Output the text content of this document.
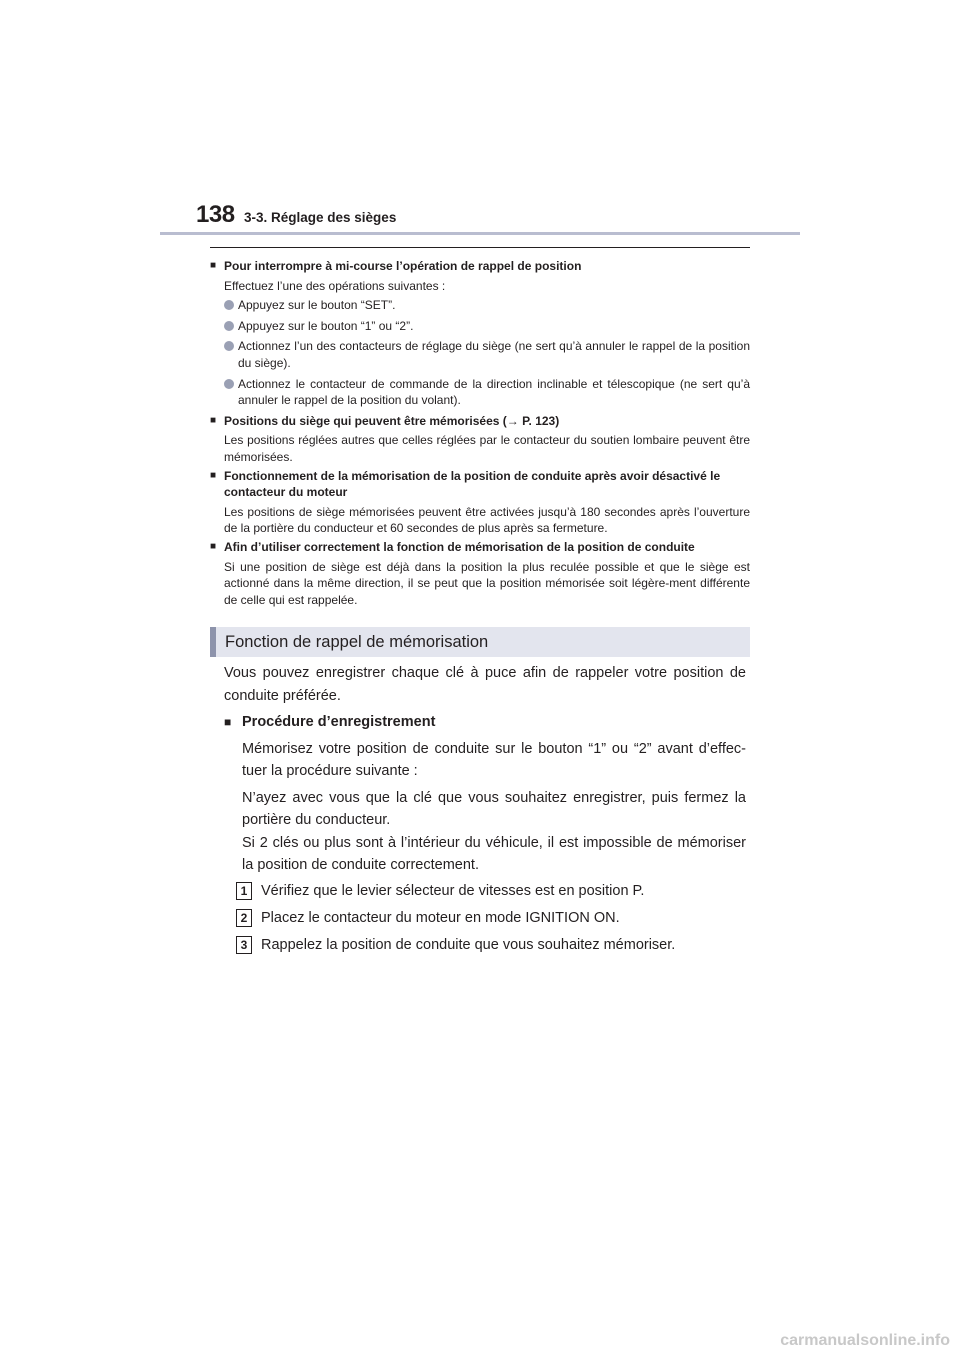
138 3-3. Réglage des sièges
■ Pour interrompre à mi-course l’opération de rappel de position

Effectuez l’une des opérations suivantes :

Appuyez sur le bouton “SET”.
Appuyez sur le bouton “1” ou “2”.
Actionnez l’un des contacteurs de réglage du siège (ne sert qu’à annuler le rappel de la position du siège).
Actionnez le contacteur de commande de la direction inclinable et télescopique (ne sert qu’à annuler le rappel de la position du volant).
■ Positions du siège qui peuvent être mémorisées (→ P. 123)

Les positions réglées autres que celles réglées par le contacteur du soutien lombaire peuvent être mémorisées.

■ Fonctionnement de la mémorisation de la position de conduite après avoir désactivé le contacteur du moteur

Les positions de siège mémorisées peuvent être activées jusqu’à 180 secondes après l’ouverture de la portière du conducteur et 60 secondes de plus après sa fermeture.

■ Afin d’utiliser correctement la fonction de mémorisation de la position de conduite

Si une position de siège est déjà dans la position la plus reculée possible et que le siège est actionné dans la même direction, il se peut que la position mémorisée soit légère-ment différente de celle qui est rappelée.

Fonction de rappel de mémorisation

Vous pouvez enregistrer chaque clé à puce afin de rappeler votre position de conduite préférée.

■ Procédure d’enregistrement

Mémorisez votre position de conduite sur le bouton “1” ou “2” avant d’effec-tuer la procédure suivante :

N’ayez avec vous que la clé que vous souhaitez enregistrer, puis fermez la portière du conducteur.

Si 2 clés ou plus sont à l’intérieur du véhicule, il est impossible de mémoriser la position de conduite correctement.

1 Vérifiez que le levier sélecteur de vitesses est en position P.
2 Placez le contacteur du moteur en mode IGNITION ON.
3 Rappelez la position de conduite que vous souhaitez mémoriser.
carmanualsonline.info
